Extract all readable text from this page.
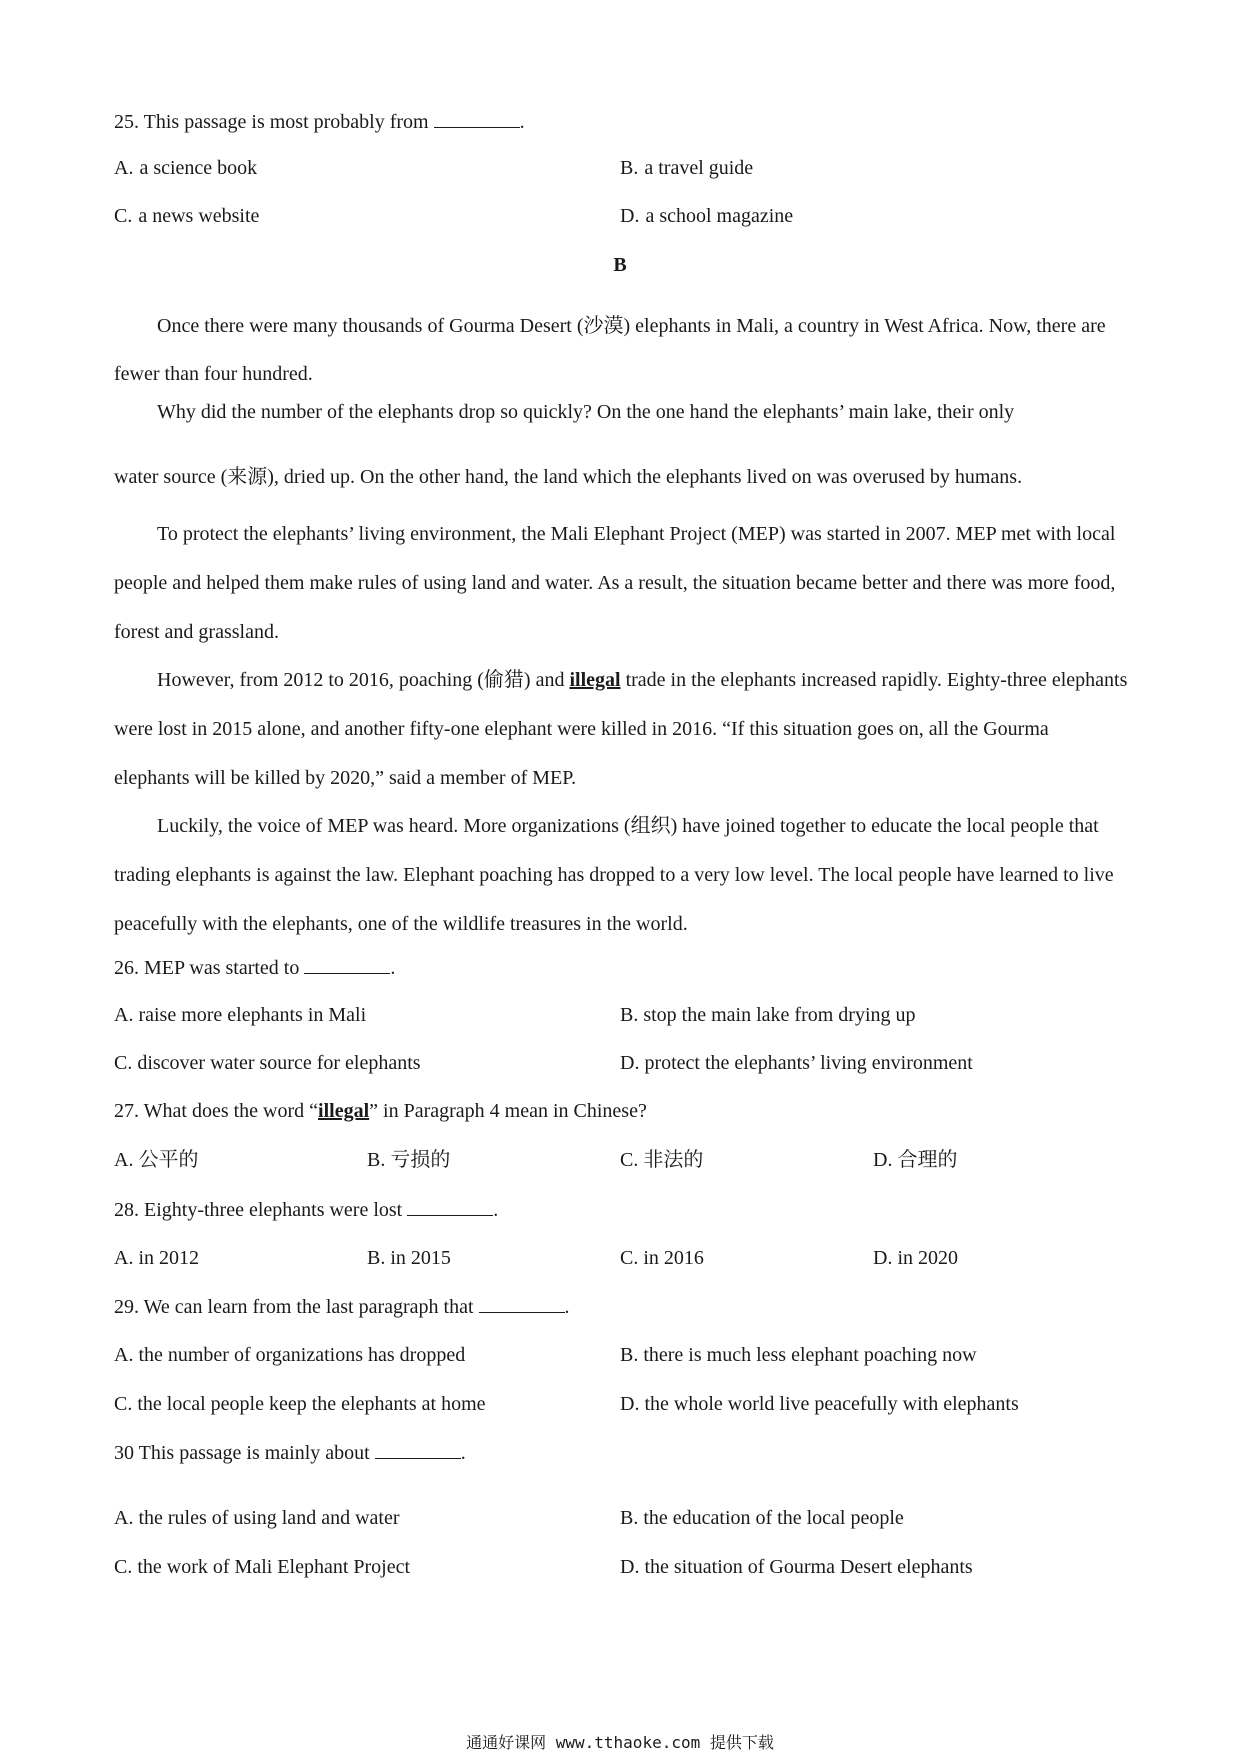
25. This passage is most probably from	.
A. a science book	B. a travel guide
C. a news website	D. a school magazine
B
Once there were many thousands of Gourma Desert (沙漠) elephants in Mali, a country in West Africa. Now, there are fewer than four hundred.
Why did the number of the elephants drop so quickly? On the one hand the elephants’ main lake, their only
water source (来源), dried up. On the other hand, the land which the elephants lived on was overused by humans.
To protect the elephants’ living environment, the Mali Elephant Project (MEP) was started in 2007. MEP met with local people and helped them make rules of using land and water. As a result, the situation became better and there was more food, forest and grassland.
However, from 2012 to 2016, poaching (偷猎) and illegal trade in the elephants increased rapidly. Eighty-three elephants were lost in 2015 alone, and another fifty-one elephant were killed in 2016. “If this situation goes on, all the Gourma elephants will be killed by 2020,” said a member of MEP.
Luckily, the voice of MEP was heard. More organizations (组织) have joined together to educate the local people that trading elephants is against the law. Elephant poaching has dropped to a very low level. The local people have learned to live peacefully with the elephants, one of the wildlife treasures in the world.
26. MEP was started to	.
A. raise more elephants in Mali	B. stop the main lake from drying up
C. discover water source for elephants	D. protect the elephants’ living environment
27. What does the word “illegal” in Paragraph 4 mean in Chinese?
A. 公平的	B. 亏损的	C. 非法的	D. 合理的
28. Eighty-three elephants were lost	.
A. in 2012	B. in 2015	C. in 2016	D. in 2020
29. We can learn from the last paragraph that	.
A. the number of organizations has dropped	B. there is much less elephant poaching now
C. the local people keep the elephants at home	D. the whole world live peacefully with elephants
30 This passage is mainly about	.
A. the rules of using land and water	B. the education of the local people
C. the work of Mali Elephant Project	D. the situation of Gourma Desert elephants
通通好课网 www.tthaoke.com 提供下载
